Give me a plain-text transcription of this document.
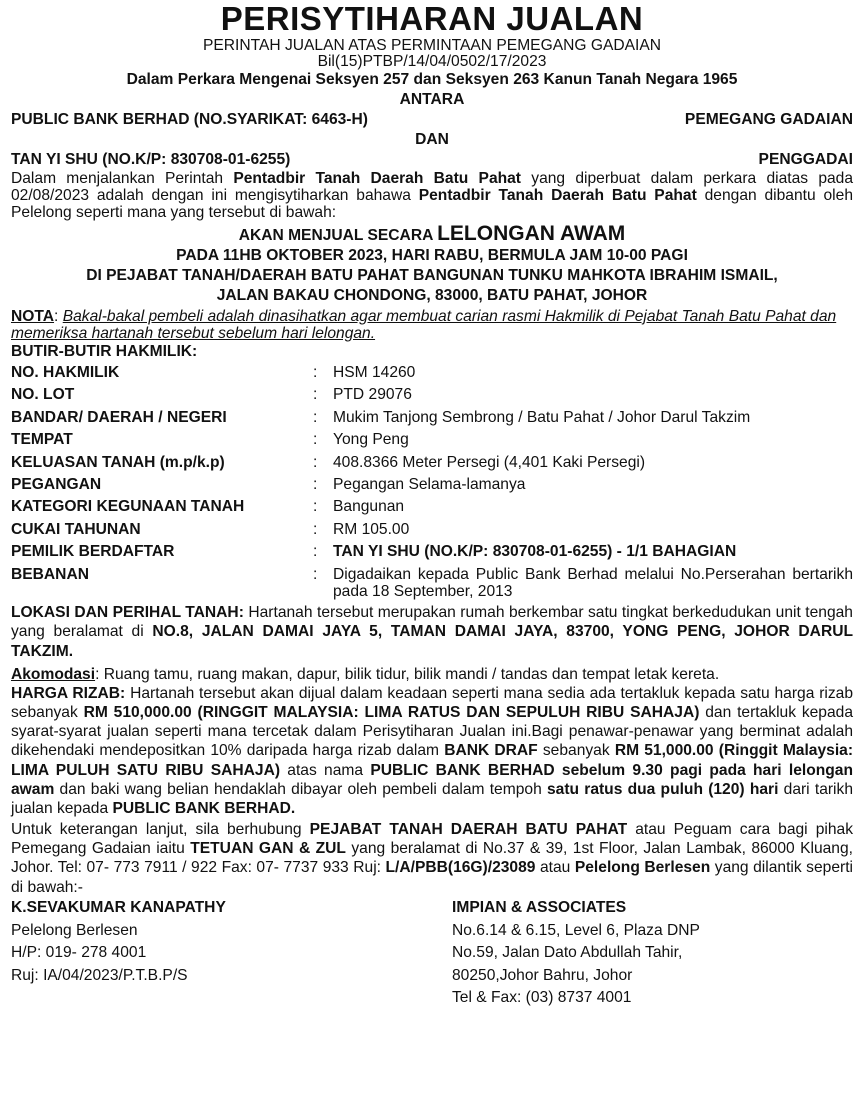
PERISYTIHARAN JUALAN
PERINTAH JUALAN ATAS PERMINTAAN PEMEGANG GADAIAN
Bil(15)PTBP/14/04/0502/17/2023
Dalam Perkara Mengenai Seksyen 257 dan Seksyen 263 Kanun Tanah Negara 1965
ANTARA
PUBLIC BANK BERHAD (NO.SYARIKAT: 6463-H)	PEMEGANG GADAIAN
DAN
TAN YI SHU (NO.K/P: 830708-01-6255)	PENGGADAI

Dalam menjalankan Perintah Pentadbir Tanah Daerah Batu Pahat yang diperbuat dalam perkara diatas pada 02/08/2023 adalah dengan ini mengisytiharkan bahawa Pentadbir Tanah Daerah Batu Pahat dengan dibantu oleh Pelelong seperti mana yang tersebut di bawah:

AKAN MENJUAL SECARA LELONGAN AWAM
PADA 11HB OKTOBER 2023, HARI RABU, BERMULA JAM 10-00 PAGI
DI PEJABAT TANAH/DAERAH BATU PAHAT BANGUNAN TUNKU MAHKOTA IBRAHIM ISMAIL,
JALAN BAKAU CHONDONG, 83000, BATU PAHAT, JOHOR

NOTA: Bakal-bakal pembeli adalah dinasihatkan agar membuat carian rasmi Hakmilik di Pejabat Tanah Batu Pahat dan memeriksa hartanah tersebut sebelum hari lelongan.

BUTIR-BUTIR HAKMILIK:
NO. HAKMILIK	:	HSM 14260
NO. LOT	:	PTD 29076
BANDAR/ DAERAH / NEGERI	:	Mukim Tanjong Sembrong / Batu Pahat / Johor Darul Takzim
TEMPAT	:	Yong Peng
KELUASAN TANAH (m.p/k.p)	:	408.8366 Meter Persegi (4,401 Kaki Persegi)
PEGANGAN	:	Pegangan Selama-lamanya
KATEGORI KEGUNAAN TANAH	:	Bangunan
CUKAI TAHUNAN	:	RM 105.00
PEMILIK BERDAFTAR	:	TAN YI SHU (NO.K/P: 830708-01-6255) - 1/1 BAHAGIAN
BEBANAN	:	Digadaikan kepada Public Bank Berhad melalui No.Perserahan bertarikh pada 18 September, 2013

LOKASI DAN PERIHAL TANAH: Hartanah tersebut merupakan rumah berkembar satu tingkat berkedudukan unit tengah yang beralamat di NO.8, JALAN DAMAI JAYA 5, TAMAN DAMAI JAYA, 83700, YONG PENG, JOHOR DARUL TAKZIM.

Akomodasi: Ruang tamu, ruang makan, dapur, bilik tidur, bilik mandi / tandas dan tempat letak kereta.

HARGA RIZAB: Hartanah tersebut akan dijual dalam keadaan seperti mana sedia ada tertakluk kepada satu harga rizab sebanyak RM 510,000.00 (RINGGIT MALAYSIA: LIMA RATUS DAN SEPULUH RIBU SAHAJA) dan tertakluk kepada syarat-syarat jualan seperti mana tercetak dalam Perisytiharan Jualan ini.Bagi penawar-penawar yang berminat adalah dikehendaki mendepositkan 10% daripada harga rizab dalam BANK DRAF sebanyak RM 51,000.00 (Ringgit Malaysia: LIMA PULUH SATU RIBU SAHAJA) atas nama PUBLIC BANK BERHAD sebelum 9.30 pagi pada hari lelongan awam dan baki wang belian hendaklah dibayar oleh pembeli dalam tempoh satu ratus dua puluh (120) hari dari tarikh jualan kepada PUBLIC BANK BERHAD.

Untuk keterangan lanjut, sila berhubung PEJABAT TANAH DAERAH BATU PAHAT atau Peguam cara bagi pihak Pemegang Gadaian iaitu TETUAN GAN & ZUL yang beralamat di No.37 & 39, 1st Floor, Jalan Lambak, 86000 Kluang, Johor. Tel: 07- 773 7911 / 922 Fax: 07- 7737 933 Ruj: L/A/PBB(16G)/23089 atau Pelelong Berlesen yang dilantik seperti di bawah:-

K.SEVAKUMAR KANAPATHY
Pelelong Berlesen
H/P: 019- 278 4001
Ruj: IA/04/2023/P.T.B.P/S
IMPIAN & ASSOCIATES
No.6.14 & 6.15, Level 6, Plaza DNP
No.59, Jalan Dato Abdullah Tahir,
80250,Johor Bahru, Johor
Tel & Fax: (03) 8737 4001
